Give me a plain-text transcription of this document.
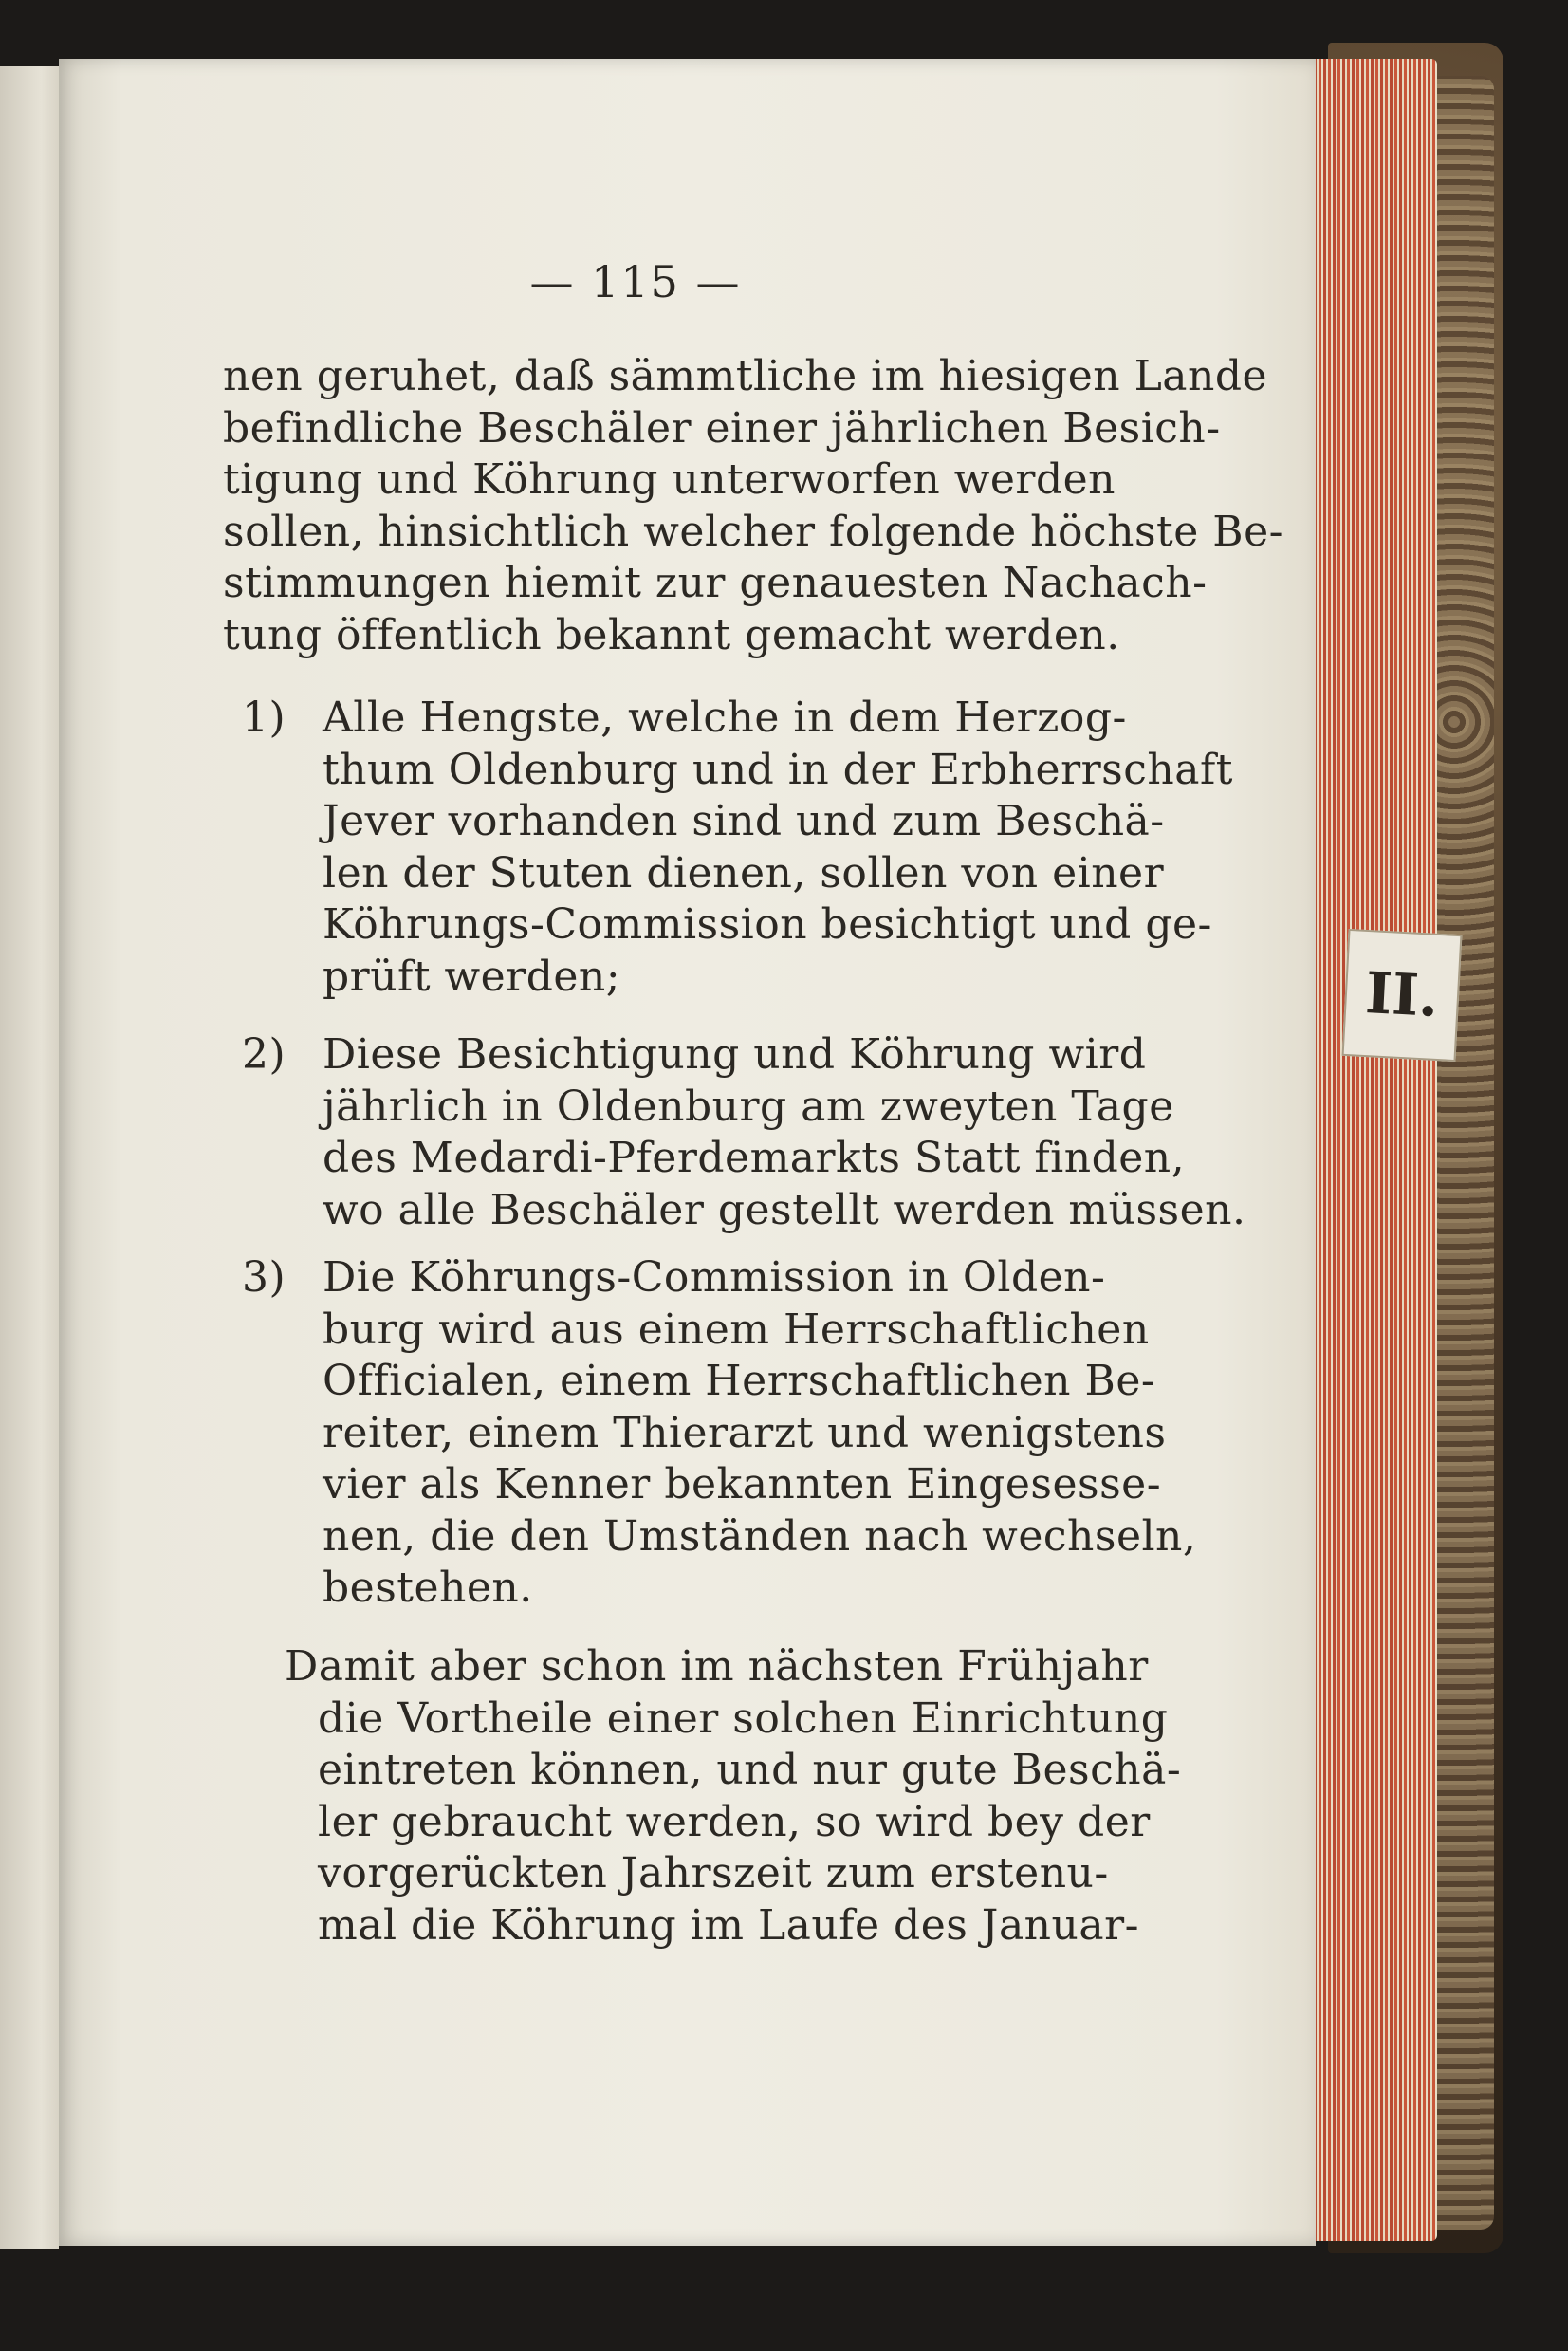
II.
— 115 —
nen geruhet, daß sämmtliche im hiesigen Lande
befindliche Beschäler einer jährlichen Besich-
tigung und Köhrung unterworfen werden
sollen, hinsichtlich welcher folgende höchste Be-
stimmungen hiemit zur genauesten Nachach-
tung öffentlich bekannt gemacht werden.
1) Alle Hengste, welche in dem Herzog-
thum Oldenburg und in der Erbherrschaft
Jever vorhanden sind und zum Beschä-
len der Stuten dienen, sollen von einer
Köhrungs-Commission besichtigt und ge-
prüft werden;
2) Diese Besichtigung und Köhrung wird
jährlich in Oldenburg am zweyten Tage
des Medardi-Pferdemarkts Statt finden,
wo alle Beschäler gestellt werden müssen.
3) Die Köhrungs-Commission in Olden-
burg wird aus einem Herrschaftlichen
Officialen, einem Herrschaftlichen Be-
reiter, einem Thierarzt und wenigstens
vier als Kenner bekannten Eingesesse-
nen, die den Umständen nach wechseln,
bestehen.
Damit aber schon im nächsten Frühjahr
die Vortheile einer solchen Einrichtung
eintreten können, und nur gute Beschä-
ler gebraucht werden, so wird bey der
vorgerückten Jahrszeit zum erstenu-
mal die Köhrung im Laufe des Januar-
